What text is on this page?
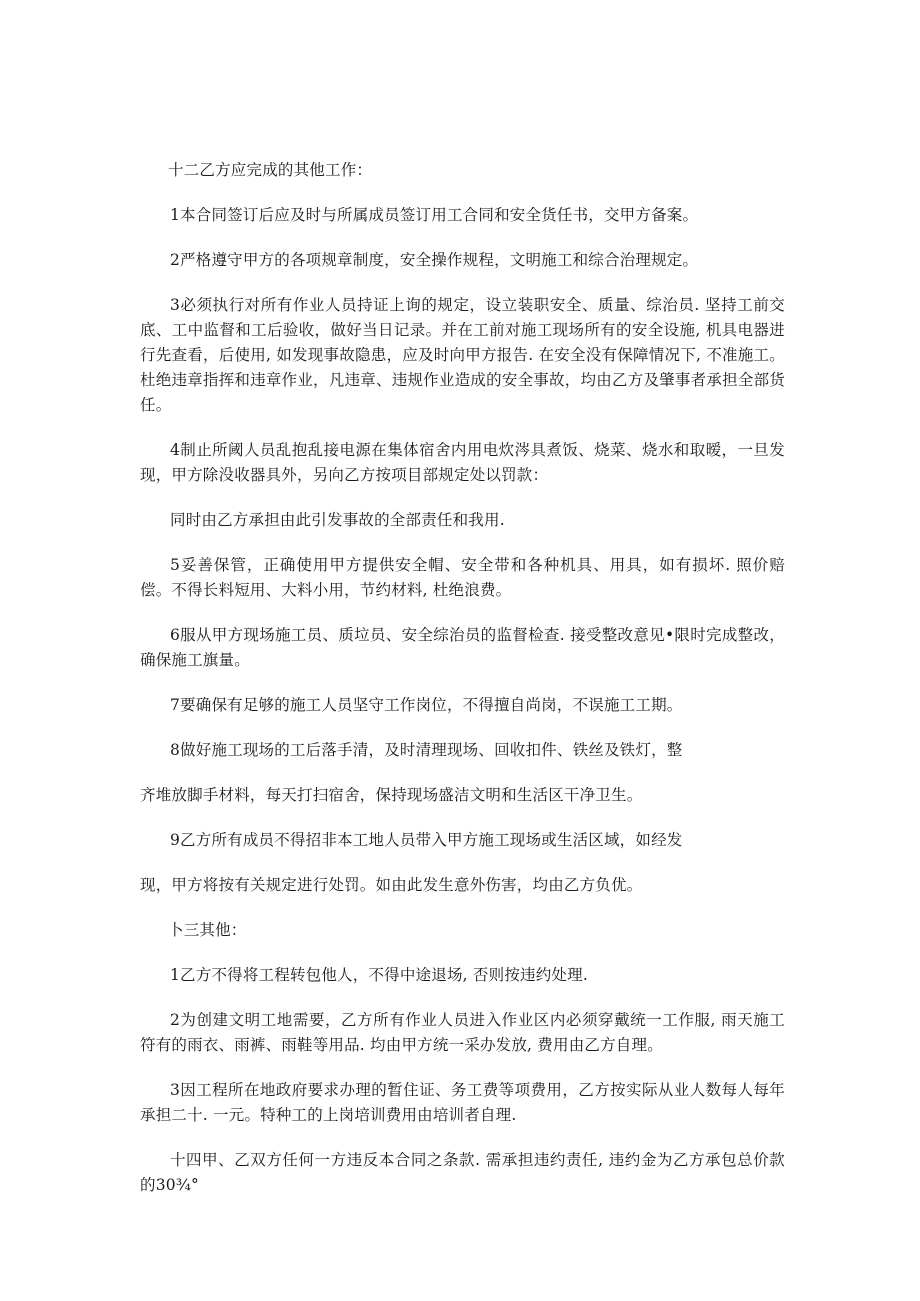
十二乙方应完成的其他工作：

1本合同签订后应及时与所属成员签订用工合同和安全货任书，交甲方备案。

2严格遵守甲方的各项规章制度，安全操作规程，文明施工和综合治理规定。

3必须执行对所有作业人员持证上询的规定，设立装职安全、质量、综治员. 坚持工前交底、工中监督和工后验收，做好当日记录。并在工前对施工现场所有的安全设施, 机具电器进行先查看，后使用, 如发现事故隐患，应及时向甲方报告. 在安全没有保障情况下, 不准施工。杜绝违章指挥和违章作业，凡违章、违规作业造成的安全事故，均由乙方及肇事者承担全部货任。

4制止所阈人员乱抱乱接电源在集体宿舍内用电炊涔具煮饭、烧菜、烧水和取暧，一旦发现，甲方除没收器具外，另向乙方按项目部规定处以罚款：

同时由乙方承担由此引发事故的全部责任和我用.

5妥善保管，正确使用甲方提供安全帽、安全带和各种机具、用具，如有损坏. 照价赔偿。不得长料短用、大料小用，节约材料, 杜绝浪费。

6服从甲方现场施工员、质垃员、安全综治员的监督检查. 接受整改意见•限时完成整改，确保施工旗量。

7要确保有足够的施工人员坚守工作岗位，不得擅自尚岗，不误施工工期。

8做好施工现场的工后落手清，及时清理现场、回收扣件、铁丝及铁灯，整

齐堆放脚手材料，每天打扫宿舍，保持现场盛洁文明和生活区干净卫生。

9乙方所有成员不得招非本工地人员带入甲方施工现场或生活区域，如经发

现，甲方将按有关规定进行处罚。如由此发生意外伤害，均由乙方负优。

卜三其他：

1乙方不得将工程转包他人，不得中途退场, 否则按违约处理.

2为创建文明工地需要，乙方所有作业人员进入作业区内必须穿戴统一工作服, 雨天施工符有的雨衣、雨裤、雨鞋等用品. 均由甲方统一采办发放, 费用由乙方自理。

3因工程所在地政府要求办理的暂住证、务工费等项费用，乙方按实际从业人数每人每年承担二十. 一元。特种工的上岗培训费用由培训者自理.

十四甲、乙双方任何一方违反本合同之条款. 需承担违约责任, 违约金为乙方承包总价款的30¾°
